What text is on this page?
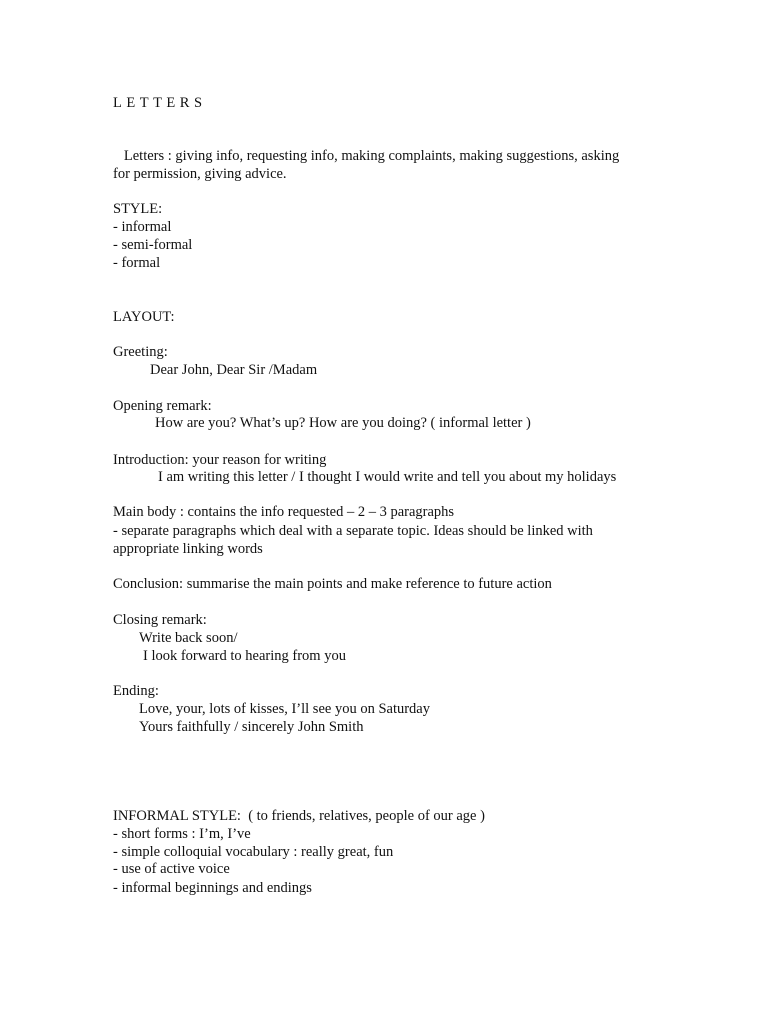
LETTERS
Letters : giving info, requesting info, making complaints, making suggestions, asking
for permission, giving advice.
STYLE:
- informal
- semi-formal
- formal
LAYOUT:
Greeting:
Dear John, Dear Sir /Madam
Opening remark:
How are you? What’s up? How are you doing? ( informal letter )
Introduction: your reason for writing
I am writing this letter / I thought I would write and tell you about my holidays
Main body : contains the info requested – 2 – 3 paragraphs
- separate paragraphs which deal with a separate topic. Ideas should be linked with
appropriate linking words
Conclusion: summarise the main points and make reference to future action
Closing remark:
Write back soon/
I look forward to hearing from you
Ending:
Love, your, lots of kisses, I’ll see you on Saturday
Yours faithfully / sincerely John Smith
INFORMAL STYLE:  ( to friends, relatives, people of our age )
- short forms : I’m, I’ve
- simple colloquial vocabulary : really great, fun
- use of active voice
- informal beginnings and endings
